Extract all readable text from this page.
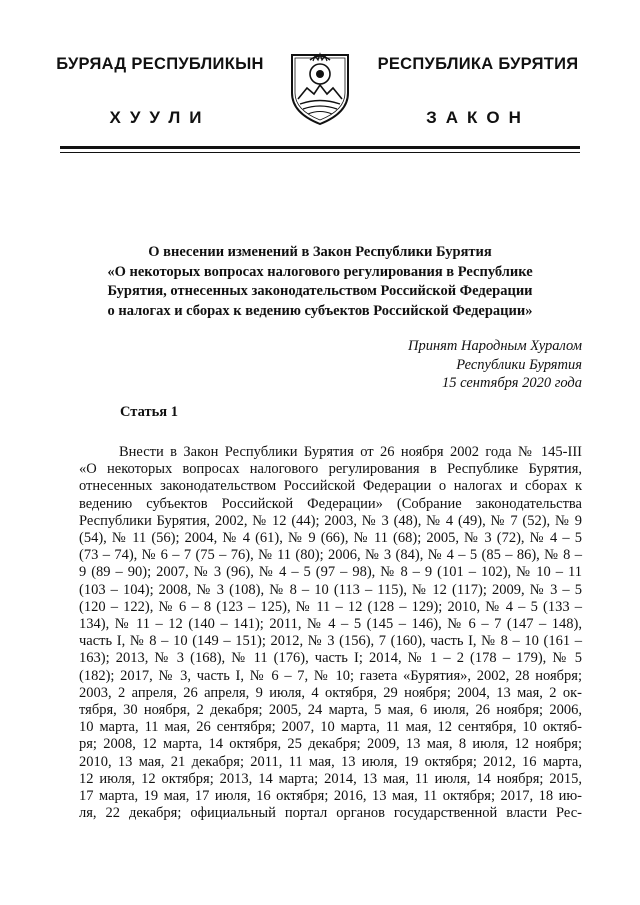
БУРЯАД РЕСПУБЛИКЫН
ХУУЛИ
РЕСПУБЛИКА БУРЯТИЯ
ЗАКОН
О внесении изменений в Закон Республики Бурятия
«О некоторых вопросах налогового регулирования в Республике
Бурятия, отнесенных законодательством Российской Федерации
о налогах и сборах к ведению субъектов Российской Федерации»
Принят Народным Хуралом
Республики Бурятия
15 сентября 2020 года
Статья 1
Внести в Закон Республики Бурятия от 26 ноября 2002 года № 145-III
«О некоторых вопросах налогового регулирования в Республике Бурятия,
отнесенных законодательством Российской Федерации о налогах и сборах к
ведению субъектов Российской Федерации» (Собрание законодательства
Республики Бурятия, 2002, № 12 (44); 2003, № 3 (48), № 4 (49), № 7 (52), № 9
(54), № 11 (56); 2004, № 4 (61), № 9 (66), № 11 (68); 2005, № 3 (72), № 4 – 5
(73 – 74), № 6 – 7 (75 – 76), № 11 (80); 2006, № 3 (84), № 4 – 5 (85 – 86), № 8 –
9 (89 – 90); 2007, № 3 (96), № 4 – 5 (97 – 98), № 8 – 9 (101 – 102), № 10 – 11
(103 – 104); 2008, № 3 (108), № 8 – 10 (113 – 115), № 12 (117); 2009, № 3 – 5
(120 – 122), № 6 – 8 (123 – 125), № 11 – 12 (128 – 129); 2010, № 4 – 5 (133 –
134), № 11 – 12 (140 – 141); 2011, № 4 – 5 (145 – 146), № 6 – 7 (147 – 148),
часть I, № 8 – 10 (149 – 151); 2012, № 3 (156), 7 (160), часть I, № 8 – 10 (161 –
163); 2013, № 3 (168), № 11 (176), часть I; 2014, № 1 – 2 (178 – 179), № 5
(182); 2017, № 3, часть I, № 6 – 7, № 10; газета «Бурятия», 2002, 28 ноября;
2003, 2 апреля, 26 апреля, 9 июля, 4 октября, 29 ноября; 2004, 13 мая, 2 ок-
тября, 30 ноября, 2 декабря; 2005, 24 марта, 5 мая, 6 июля, 26 ноября; 2006,
10 марта, 11 мая, 26 сентября; 2007, 10 марта, 11 мая, 12 сентября, 10 октяб-
ря; 2008, 12 марта, 14 октября, 25 декабря; 2009, 13 мая, 8 июля, 12 ноября;
2010, 13 мая, 21 декабря; 2011, 11 мая, 13 июля, 19 октября; 2012, 16 марта,
12 июля, 12 октября; 2013, 14 марта; 2014, 13 мая, 11 июля, 14 ноября; 2015,
17 марта, 19 мая, 17 июля, 16 октября; 2016, 13 мая, 11 октября; 2017, 18 ию-
ля, 22 декабря; официальный портал органов государственной власти Рес-
